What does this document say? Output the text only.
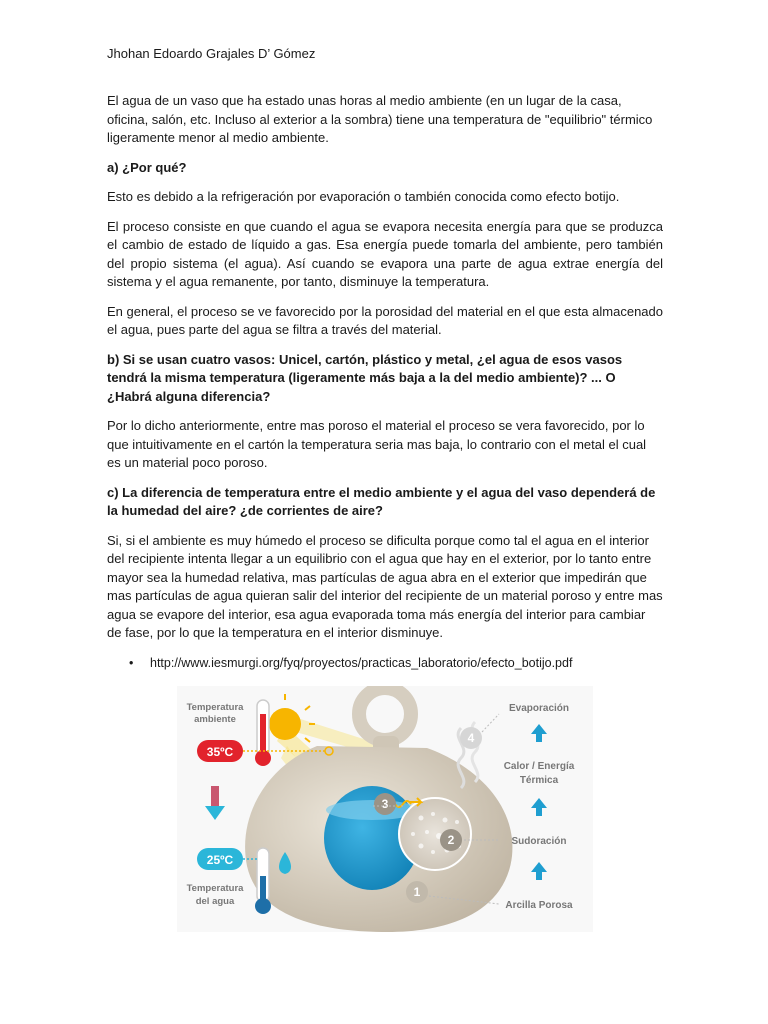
Jhohan Edoardo Grajales D’ Gómez

El agua de un vaso que ha estado unas horas al medio ambiente (en un lugar de la casa, oficina, salón, etc. Incluso al exterior a la sombra) tiene una temperatura de "equilibrio" térmico ligeramente menor al medio ambiente.

a) ¿Por qué?

Esto es debido a la refrigeración por evaporación o también conocida como efecto botijo.

El proceso consiste en que cuando el agua se evapora necesita energía para que se produzca el cambio de estado de líquido a gas. Esa energía puede tomarla del ambiente, pero también del propio sistema (el agua). Así cuando se evapora una parte de agua extrae energía del sistema y el agua remanente, por tanto, disminuye la temperatura.

En general, el proceso se ve favorecido por la porosidad del material en el que esta almacenado el agua, pues parte del agua se filtra a través del material.

b) Si se usan cuatro vasos: Unicel, cartón, plástico y metal, ¿el agua de esos vasos tendrá la misma temperatura (ligeramente más baja a la del medio ambiente)? ... O ¿Habrá alguna diferencia?

Por lo dicho anteriormente, entre mas poroso el material el proceso se vera favorecido, por lo que intuitivamente en el cartón la temperatura seria mas baja, lo contrario con el metal el cual es un material poco poroso.

c) La diferencia de temperatura entre el medio ambiente y el agua del vaso dependerá de la humedad del aire? ¿de corrientes de aire?

Si, si el ambiente es muy húmedo el proceso se dificulta porque como tal el agua en el interior del recipiente intenta llegar a un equilibrio con el agua que hay en el exterior, por lo tanto entre mayor sea la humedad relativa, mas partículas de agua abra en el exterior que impedirán que mas partículas de agua quieran salir del interior del recipiente de un material poroso y entre mas agua se evapore del interior, esa agua evaporada toma más energía del interior para cambiar de fase, por lo que la temperatura en el interior disminuye.

• http://www.iesmurgi.org/fyq/proyectos/practicas_laboratorio/efecto_botijo.pdf
3
2
1
4
35ºC
25ºC
Temperatura
ambiente
Temperatura
del agua
Evaporación
Calor / Energía
Térmica
Sudoración
Arcilla Porosa
